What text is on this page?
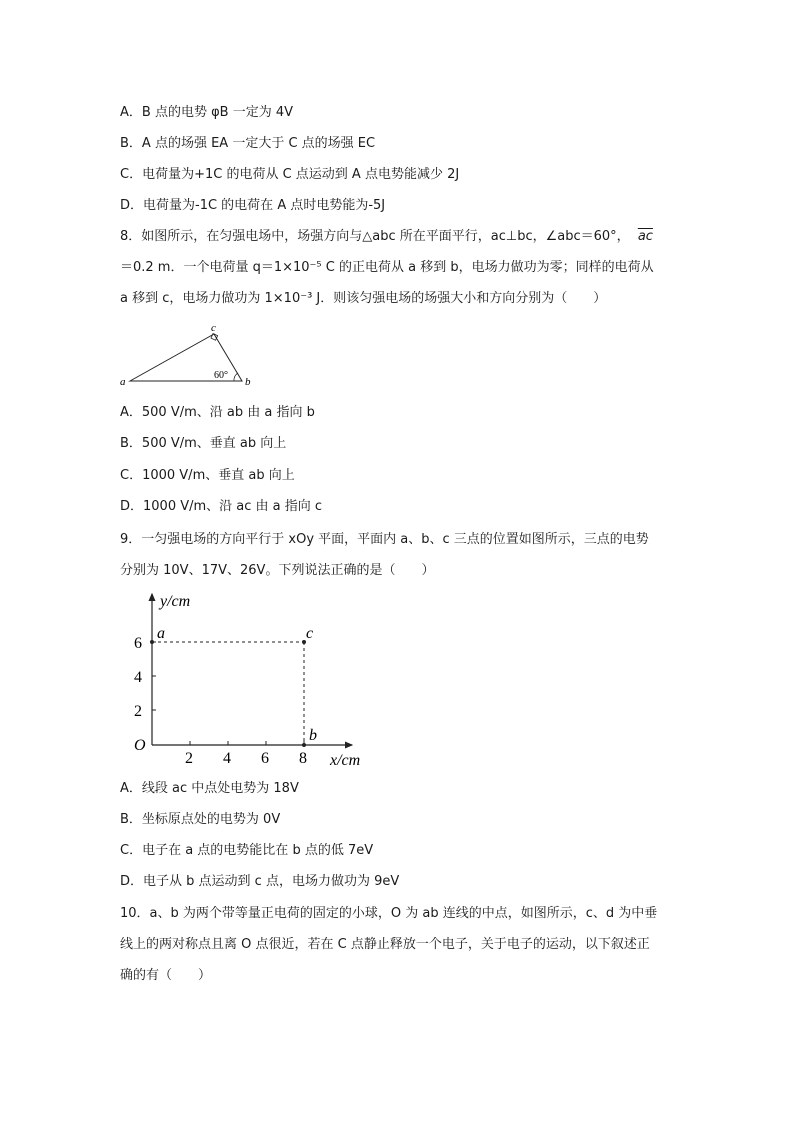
A．B 点的电势 φB 一定为 4V
B．A 点的场强 EA 一定大于 C 点的场强 EC
C．电荷量为+1C 的电荷从 C 点运动到 A 点电势能减少 2J
D．电荷量为-1C 的电荷在 A 点时电势能为-5J
8．如图所示，在匀强电场中，场强方向与△abc 所在平面平行，ac⊥bc，∠abc＝60°， $\overline{ac}$
＝0.2 m．一个电荷量 q＝1×10⁻⁵ C 的正电荷从 a 移到 b，电场力做功为零；同样的电荷从
a 移到 c，电场力做功为 1×10⁻³ J．则该匀强电场的场强大小和方向分别为（　　）
a	b
c
60°
A．500 V/m、沿 ab 由 a 指向 b
B．500 V/m、垂直 ab 向上
C．1000 V/m、垂直 ab 向上
D．1000 V/m、沿 ac 由 a 指向 c
9．一匀强电场的方向平行于 xOy 平面，平面内 a、b、c 三点的位置如图所示，三点的电势
分别为 10V、17V、26V。下列说法正确的是（　　）
y/cm
x/cm
O
2 4 6 8
2
4
6
a	c
b
A．线段 ac 中点处电势为 18V
B．坐标原点处的电势为 0V
C．电子在 a 点的电势能比在 b 点的低 7eV
D．电子从 b 点运动到 c 点，电场力做功为 9eV
10．a、b 为两个带等量正电荷的固定的小球，O 为 ab 连线的中点，如图所示，c、d 为中垂
线上的两对称点且离 O 点很近，若在 C 点静止释放一个电子，关于电子的运动，以下叙述正
确的有（　　）
